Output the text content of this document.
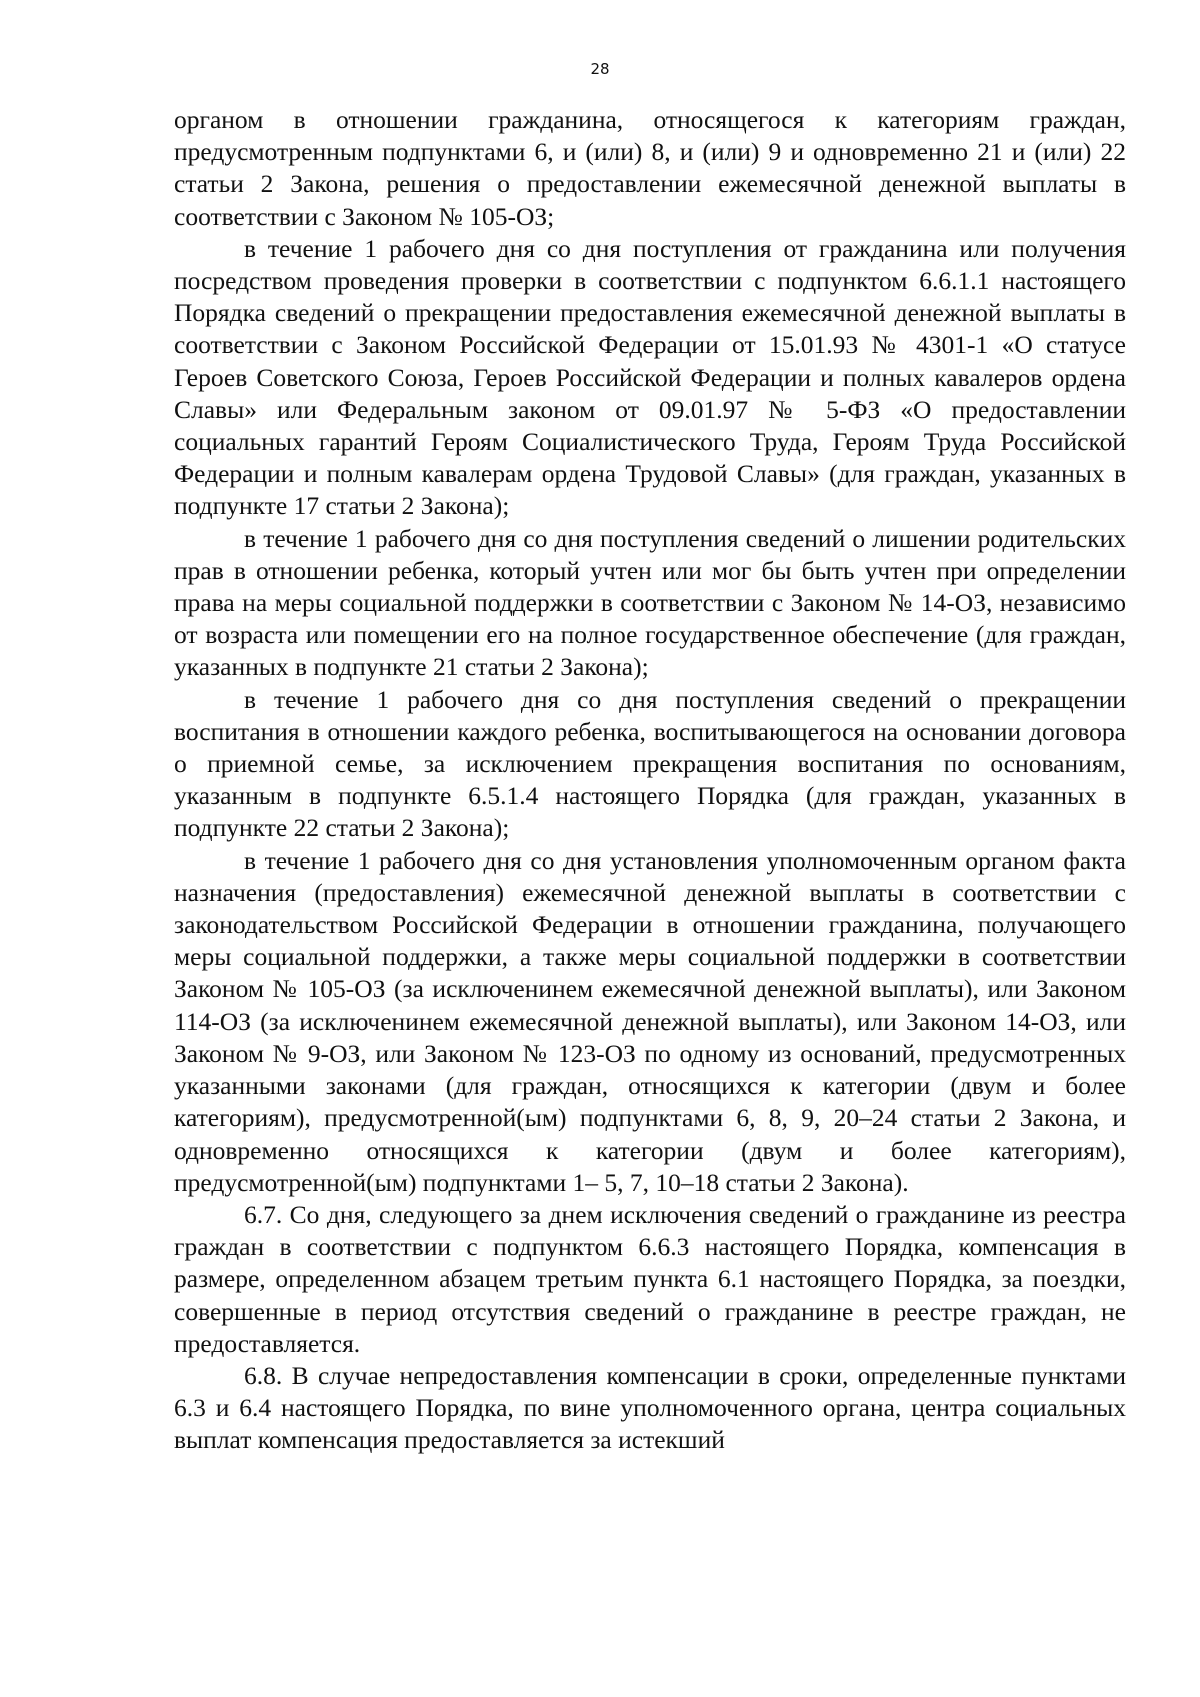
28

органом в отношении гражданина, относящегося к категориям граждан, предусмотренным подпунктами 6, и (или) 8, и (или) 9 и одновременно 21 и (или) 22 статьи 2 Закона, решения о предоставлении ежемесячной денежной выплаты в соответствии с Законом № 105-ОЗ;

в течение 1 рабочего дня со дня поступления от гражданина или получения посредством проведения проверки в соответствии с подпунктом 6.6.1.1 настоящего Порядка сведений о прекращении предоставления ежемесячной денежной выплаты в соответствии с Законом Российской Федерации от 15.01.93 № 4301-1 «О статусе Героев Советского Союза, Героев Российской Федерации и полных кавалеров ордена Славы» или Федеральным законом от 09.01.97 № 5-ФЗ «О предоставлении социальных гарантий Героям Социалистического Труда, Героям Труда Российской Федерации и полным кавалерам ордена Трудовой Славы» (для граждан, указанных в подпункте 17 статьи 2 Закона);

в течение 1 рабочего дня со дня поступления сведений о лишении родительских прав в отношении ребенка, который учтен или мог бы быть учтен при определении права на меры социальной поддержки в соответствии с Законом № 14-ОЗ, независимо от возраста или помещении его на полное государственное обеспечение (для граждан, указанных в подпункте 21 статьи 2 Закона);

в течение 1 рабочего дня со дня поступления сведений о прекращении воспитания в отношении каждого ребенка, воспитывающегося на основании договора о приемной семье, за исключением прекращения воспитания по основаниям, указанным в подпункте 6.5.1.4 настоящего Порядка (для граждан, указанных в подпункте 22 статьи 2 Закона);

в течение 1 рабочего дня со дня установления уполномоченным органом факта назначения (предоставления) ежемесячной денежной выплаты в соответствии с законодательством Российской Федерации в отношении гражданина, получающего меры социальной поддержки, а также меры социальной поддержки в соответствии Законом № 105-ОЗ (за исключенинем ежемесячной денежной выплаты), или Законом 114-ОЗ (за исключенинем ежемесячной денежной выплаты), или Законом 14-ОЗ, или Законом № 9-ОЗ, или Законом № 123-ОЗ по одному из оснований, предусмотренных указанными законами (для граждан, относящихся к категории (двум и более категориям), предусмотренной(ым) подпунктами 6, 8, 9, 20–24 статьи 2 Закона, и одновременно относящихся к категории (двум и более категориям), предусмотренной(ым) подпунктами 1– 5, 7, 10–18 статьи 2 Закона).

6.7. Со дня, следующего за днем исключения сведений о гражданине из реестра граждан в соответствии с подпунктом 6.6.3 настоящего Порядка, компенсация в размере, определенном абзацем третьим пункта 6.1 настоящего Порядка, за поездки, совершенные в период отсутствия сведений о гражданине в реестре граждан, не предоставляется.

6.8. В случае непредоставления компенсации в сроки, определенные пунктами 6.3 и 6.4 настоящего Порядка, по вине уполномоченного органа, центра социальных выплат компенсация предоставляется за истекший
